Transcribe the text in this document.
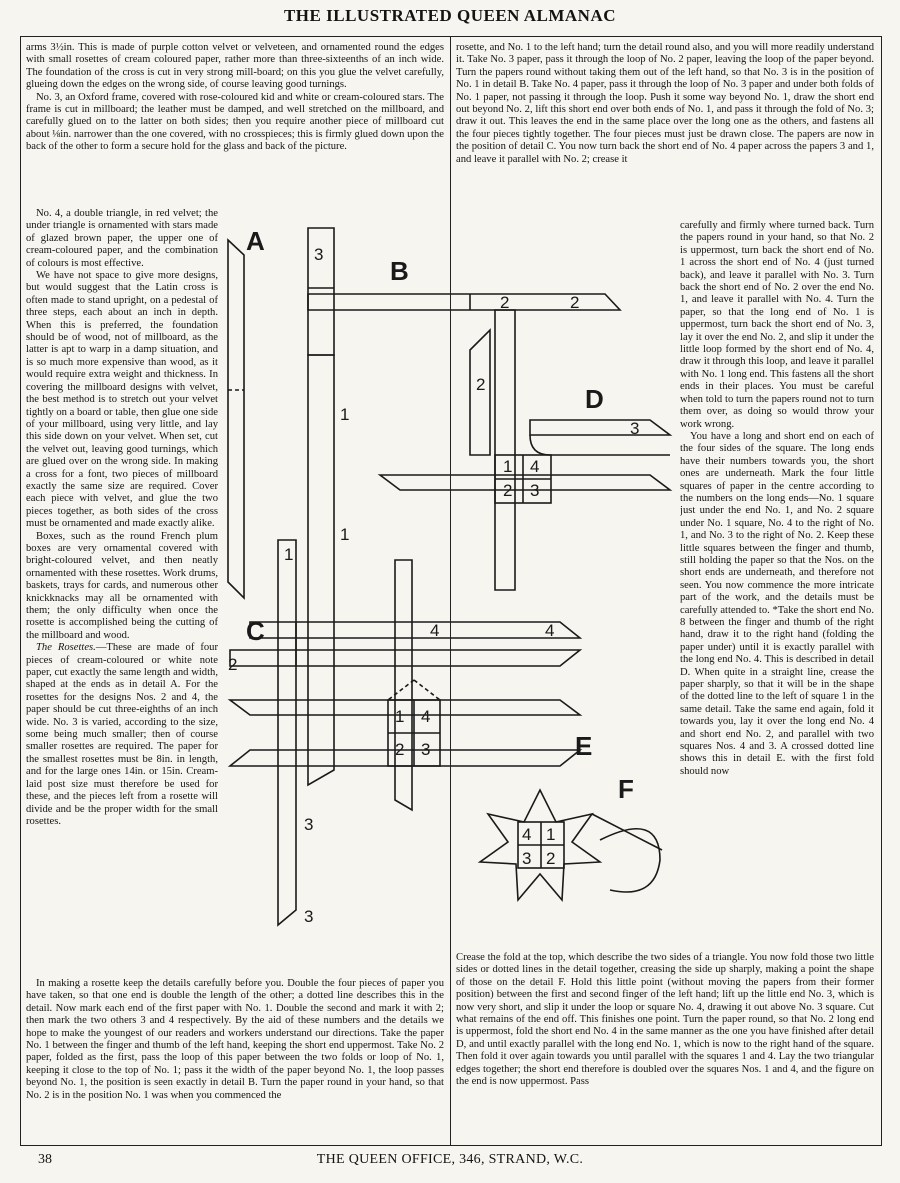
THE ILLUSTRATED QUEEN ALMANAC

arms 3½in. This is made of purple cotton velvet or velveteen, and ornamented round the edges with small rosettes of cream coloured paper, rather more than three-sixteenths of an inch wide. The foundation of the cross is cut in very strong mill-board; on this you glue the velvet carefully, glueing down the edges on the wrong side, of course leaving good turnings.

No. 3, an Oxford frame, covered with rose-coloured kid and white or cream-coloured stars. The frame is cut in millboard; the leather must be damped, and well stretched on the millboard, and carefully glued on to the latter on both sides; then you require another piece of millboard cut about ⅛in. narrower than the one covered, with no crosspieces; this is firmly glued down upon the back of the other to form a secure hold for the glass and back of the picture.

No. 4, a double triangle, in red velvet; the under triangle is ornamented with stars made of glazed brown paper, the upper one of cream-coloured paper, and the combination of colours is most effective.

We have not space to give more designs, but would suggest that the Latin cross is often made to stand upright, on a pedestal of three steps, each about an inch in depth. When this is preferred, the foundation should be of wood, not of millboard, as the latter is apt to warp in a damp situation, and is so much more expensive than wood, as it would require extra weight and thickness. In covering the millboard designs with velvet, the best method is to stretch out your velvet tightly on a board or table, then glue one side of your millboard, using very little, and lay this side down on your velvet. When set, cut the velvet out, leaving good turnings, which are glued over on the wrong side. In making a cross for a font, two pieces of millboard exactly the same size are required. Cover each piece with velvet, and glue the two pieces together, as both sides of the cross must be ornamented and made exactly alike.

Boxes, such as the round French plum boxes are very ornamental covered with bright-coloured velvet, and then neatly ornamented with these rosettes. Work drums, baskets, trays for cards, and numerous other knickknacks may all be ornamented with them; the only difficulty when once the rosette is accomplished being the cutting of the millboard and wood.

The Rosettes.—These are made of four pieces of cream-coloured or white note paper, cut exactly the same length and width, shaped at the ends as in detail A. For the rosettes for the designs Nos. 2 and 4, the paper should be cut three-eighths of an inch wide. No. 3 is varied, according to the size, some being much smaller; then of course smaller rosettes are required. The paper for the smallest rosettes must be 8in. in length, and for the large ones 14in. or 15in. Cream-laid post size must therefore be used for these, and the pieces left from a rosette will divide and be the proper width for the small rosettes.

In making a rosette keep the details carefully before you. Double the four pieces of paper you have taken, so that one end is double the length of the other; a dotted line describes this in the detail. Now mark each end of the first paper with No. 1. Double the second and mark it with 2; then mark the two others 3 and 4 respectively. By the aid of these numbers and the details we hope to make the youngest of our readers and workers understand our directions. Take the paper No. 1 between the finger and thumb of the left hand, keeping the short end uppermost. Take No. 2 paper, folded as the first, pass the loop of this paper between the two folds or loop of No. 1, keeping it close to the top of No. 1; pass it the width of the paper beyond No. 1, the loop passes beyond No. 1, the position is seen exactly in detail B. Turn the paper round in your hand, so that No. 2 is in the position No. 1 was when you commenced the

rosette, and No. 1 to the left hand; turn the detail round also, and you will more readily understand it. Take No. 3 paper, pass it through the loop of No. 2 paper, leaving the loop of the paper beyond. Turn the papers round without taking them out of the left hand, so that No. 3 is in the position of No. 1 in detail B. Take No. 4 paper, pass it through the loop of No. 3 paper and under both folds of No. 1 paper, not passing it through the loop. Push it some way beyond No. 1, draw the short end out beyond No. 2, lift this short end over both ends of No. 1, and pass it through the fold of No. 3; draw it out. This leaves the end in the same place over the long one as the others, and fastens all the four pieces tightly together. The four pieces must just be drawn close. The papers are now in the position of detail C. You now turn back the short end of No. 4 paper across the papers 3 and 1, and leave it parallel with No. 2; crease it

carefully and firmly where turned back. Turn the papers round in your hand, so that No. 2 is uppermost, turn back the short end of No. 1 across the short end of No. 4 (just turned back), and leave it parallel with No. 3. Turn back the short end of No. 2 over the end No. 1, and leave it parallel with No. 4. Turn the paper, so that the long end of No. 1 is uppermost, turn back the short end of No. 3, lay it over the end No. 2, and slip it under the little loop formed by the short end of No. 4, draw it through this loop, and leave it parallel with No. 1 long end. This fastens all the short ends in their places. You must be careful when told to turn the papers round not to turn them over, as doing so would throw your work wrong.

You have a long and short end on each of the four sides of the square. The long ends have their numbers towards you, the short ones are underneath. Mark the four little squares of paper in the centre according to the numbers on the long ends—No. 1 square just under the end No. 1, and No. 2 square under No. 1 square, No. 4 to the right of No. 1, and No. 3 to the right of No. 2. Keep these little squares between the finger and thumb, still holding the paper so that the Nos. on the short ends are underneath, and therefore not seen. You now commence the more intricate part of the work, and the details must be carefully attended to. *Take the short end No. 8 between the finger and thumb of the right hand, draw it to the right hand (folding the paper under) until it is exactly parallel with the long end No. 4. This is described in detail D. When quite in a straight line, crease the paper sharply, so that it will be in the shape of the dotted line to the left of square 1 in the same detail. Take the same end again, fold it towards you, lay it over the long end No. 4 and short end No. 2, and parallel with two squares Nos. 4 and 3. A crossed dotted line shows this in detail E. with the first fold should now

Crease the fold at the top, which describe the two sides of a triangle. You now fold those two little sides or dotted lines in the detail together, creasing the side up sharply, making a point the shape of those on the detail F. Hold this little point (without moving the papers from their former position) between the first and second finger of the left hand; lift up the little end No. 3, which is now very short, and slip it under the loop or square No. 4, drawing it out above No. 3 square. Cut what remains of the end off. This finishes one point. Turn the paper round, so that No. 2 long end is uppermost, fold the short end No. 4 in the same manner as the one you have finished after detail D, and until exactly parallel with the long end No. 1, which is now to the right hand of the square. Then fold it over again towards you until parallel with the squares 1 and 4. Lay the two triangular edges together; the short end therefore is doubled over the squares Nos. 1 and 4, and the figure on the end is now uppermost. Pass

A
B
C
D
E
F
3
2	2
2
1
1
1
3
1 4
2 3
4	4
2
1 4
2 3
3
3
4 1
3 2
38	THE QUEEN OFFICE, 346, STRAND, W.C.
